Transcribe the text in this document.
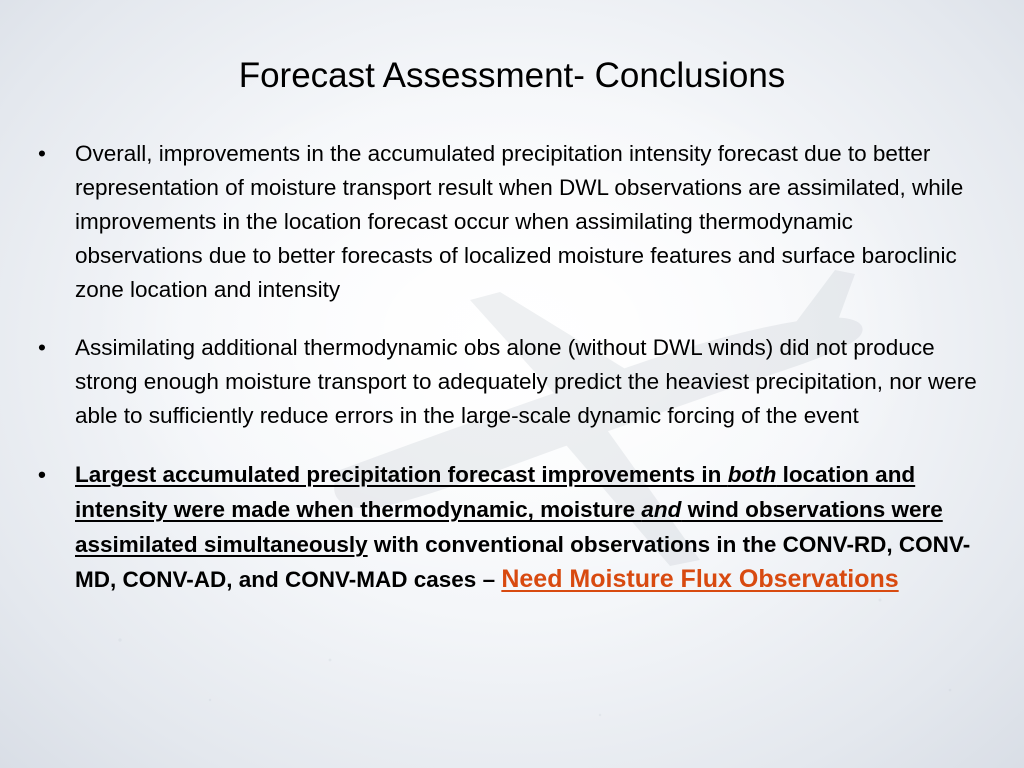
Forecast Assessment- Conclusions
• Overall, improvements in the accumulated precipitation intensity forecast due to better representation of moisture transport result when DWL observations are assimilated, while improvements in the location forecast occur when assimilating thermodynamic observations due to better forecasts of localized moisture features and surface baroclinic zone location and intensity
• Assimilating additional thermodynamic obs alone (without DWL winds) did not produce strong enough moisture transport to adequately predict the heaviest precipitation, nor were able to sufficiently reduce errors in the large-scale dynamic forcing of the event
• Largest accumulated precipitation forecast improvements in both location and intensity were made when thermodynamic, moisture and wind observations were assimilated simultaneously with conventional observations in the CONV-RD, CONV-MD, CONV-AD, and CONV-MAD cases – Need Moisture Flux Observations
